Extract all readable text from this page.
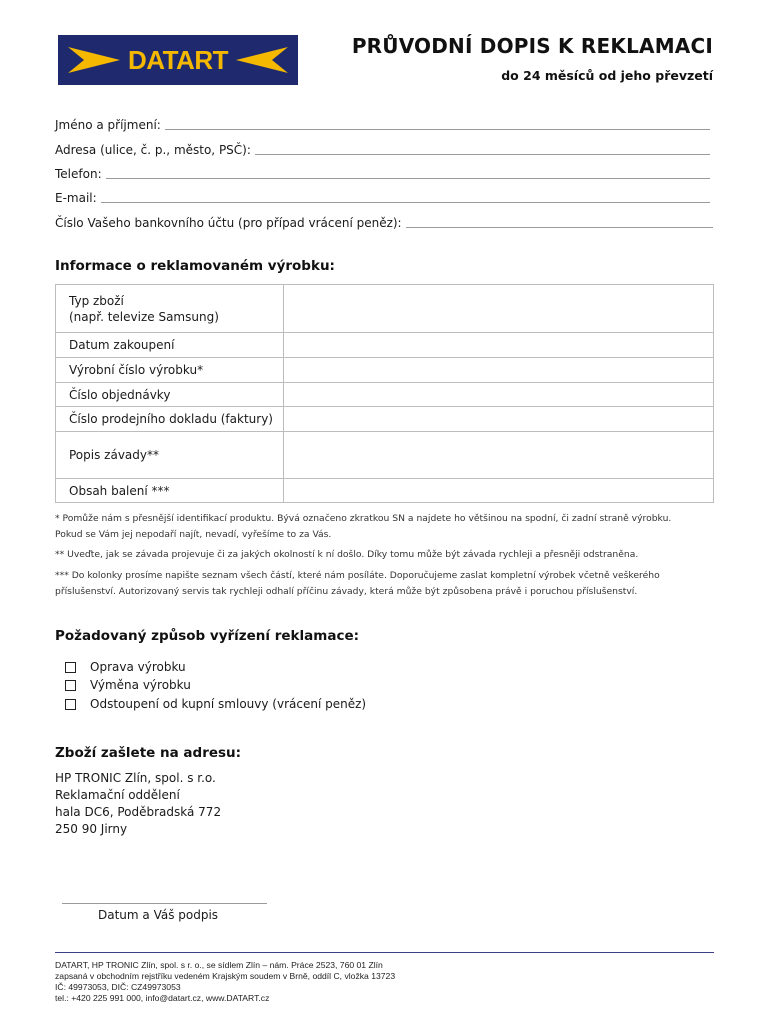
DATART	PRŮVODNÍ DOPIS K REKLAMACI
do 24 měsíců od jeho převzetí
Jméno a příjmení:
Adresa (ulice, č. p., město, PSČ):
Telefon:
E-mail:
Číslo Vašeho bankovního účtu (pro případ vrácení peněz):
Informace o reklamovaném výrobku:
Typ zboží
(např. televize Samsung)	

Datum zakoupení	
Výrobní číslo výrobku*	
Číslo objednávky	
Číslo prodejního dokladu (faktury)	
Popis závady**	
Obsah balení ***	
* Pomůže nám s přesnější identifikací produktu. Bývá označeno zkratkou SN a najdete ho většinou na spodní, či zadní straně výrobku.
Pokud se Vám jej nepodaří najít, nevadí, vyřešíme to za Vás.
** Uveďte, jak se závada projevuje či za jakých okolností k ní došlo. Díky tomu může být závada rychleji a přesněji odstraněna.
*** Do kolonky prosíme napište seznam všech částí, které nám posíláte. Doporučujeme zaslat kompletní výrobek včetně veškerého
příslušenství. Autorizovaný servis tak rychleji odhalí příčinu závady, která může být způsobena právě i poruchou příslušenství.
Požadovaný způsob vyřízení reklamace:
Oprava výrobku
Výměna výrobku
Odstoupení od kupní smlouvy (vrácení peněz)
Zboží zašlete na adresu:
HP TRONIC Zlín, spol. s r.o.
Reklamační oddělení
hala DC6, Poděbradská 772
250 90 Jirny
Datum a Váš podpis
DATART, HP TRONIC Zlín, spol. s r. o., se sídlem Zlín – nám. Práce 2523, 760 01 Zlín
zapsaná v obchodním rejstříku vedeném Krajským soudem v Brně, oddíl C, vložka 13723
IČ: 49973053, DIČ: CZ49973053
tel.: +420 225 991 000, info@datart.cz, www.DATART.cz
